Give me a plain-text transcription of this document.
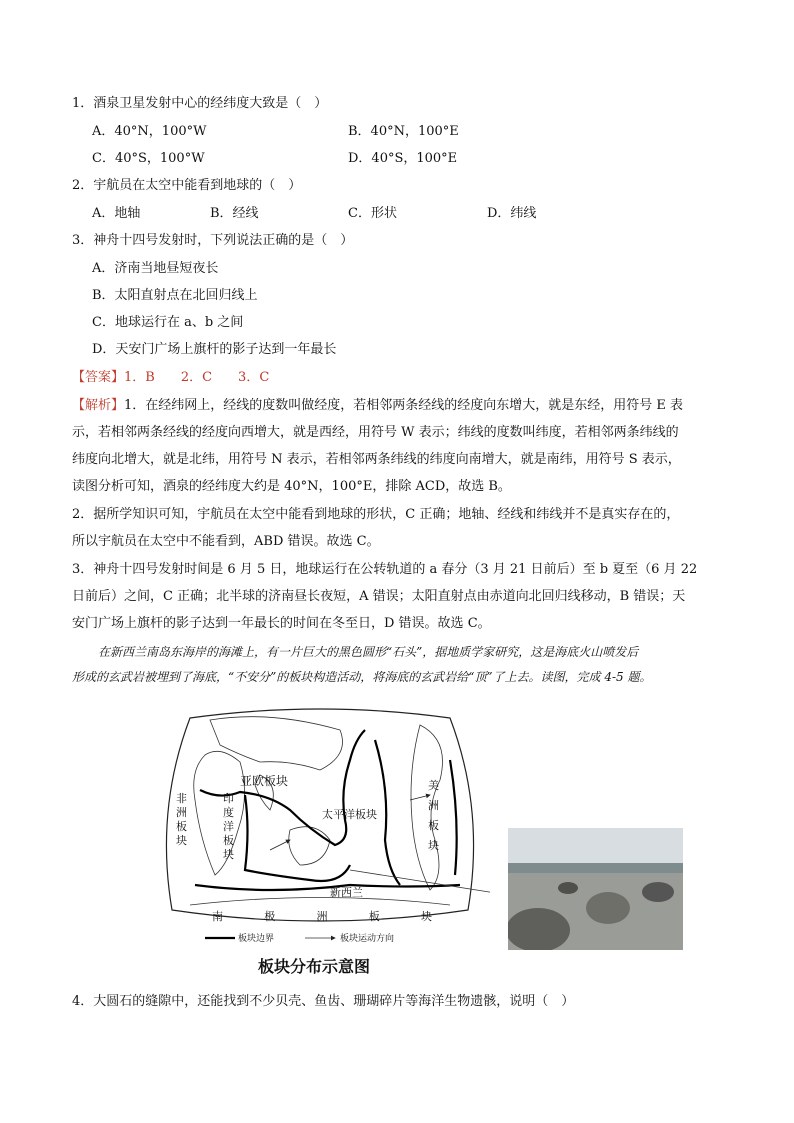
1．酒泉卫星发射中心的经纬度大致是（　）
A．40°N，100°W	B．40°N，100°E
C．40°S，100°W	D．40°S，100°E
2．宇航员在太空中能看到地球的（　）
A．地轴	B．经线	C．形状	D．纬线
3．神舟十四号发射时，下列说法正确的是（　）
A．济南当地昼短夜长
B．太阳直射点在北回归线上
C．地球运行在 a、b 之间
D．天安门广场上旗杆的影子达到一年最长
【答案】1．B　　2．C　　3．C
【解析】1．在经纬网上，经线的度数叫做经度，若相邻两条经线的经度向东增大，就是东经，用符号 E 表
示，若相邻两条经线的经度向西增大，就是西经，用符号 W 表示；纬线的度数叫纬度，若相邻两条纬线的
纬度向北增大，就是北纬，用符号 N 表示，若相邻两条纬线的纬度向南增大，就是南纬，用符号 S 表示，
读图分析可知，酒泉的经纬度大约是 40°N，100°E，排除 ACD，故选 B。
2．据所学知识可知，宇航员在太空中能看到地球的形状，C 正确；地轴、经线和纬线并不是真实存在的，
所以宇航员在太空中不能看到，ABD 错误。故选 C。
3．神舟十四号发射时间是 6 月 5 日，地球运行在公转轨道的 a 春分（3 月 21 日前后）至 b 夏至（6 月 22
日前后）之间，C 正确；北半球的济南昼长夜短，A 错误；太阳直射点由赤道向北回归线移动，B 错误；天
安门广场上旗杆的影子达到一年最长的时间在冬至日，D 错误。故选 C。
在新西兰南岛东海岸的海滩上，有一片巨大的黑色圆形“石头”，据地质学家研究，这是海底火山喷发后
形成的玄武岩被埋到了海底，“不安分”的板块构造活动，将海底的玄武岩给“顶”了上去。读图，完成 4-5 题。
亚欧板块
太平洋板块
新西兰
非
洲
板
块
印
度
洋
板
块
美
洲
板
块
南	极	洲	板	块
板块边界	板块运动方向
板块分布示意图
4．大圆石的缝隙中，还能找到不少贝壳、鱼齿、珊瑚碎片等海洋生物遗骸，说明（　）
